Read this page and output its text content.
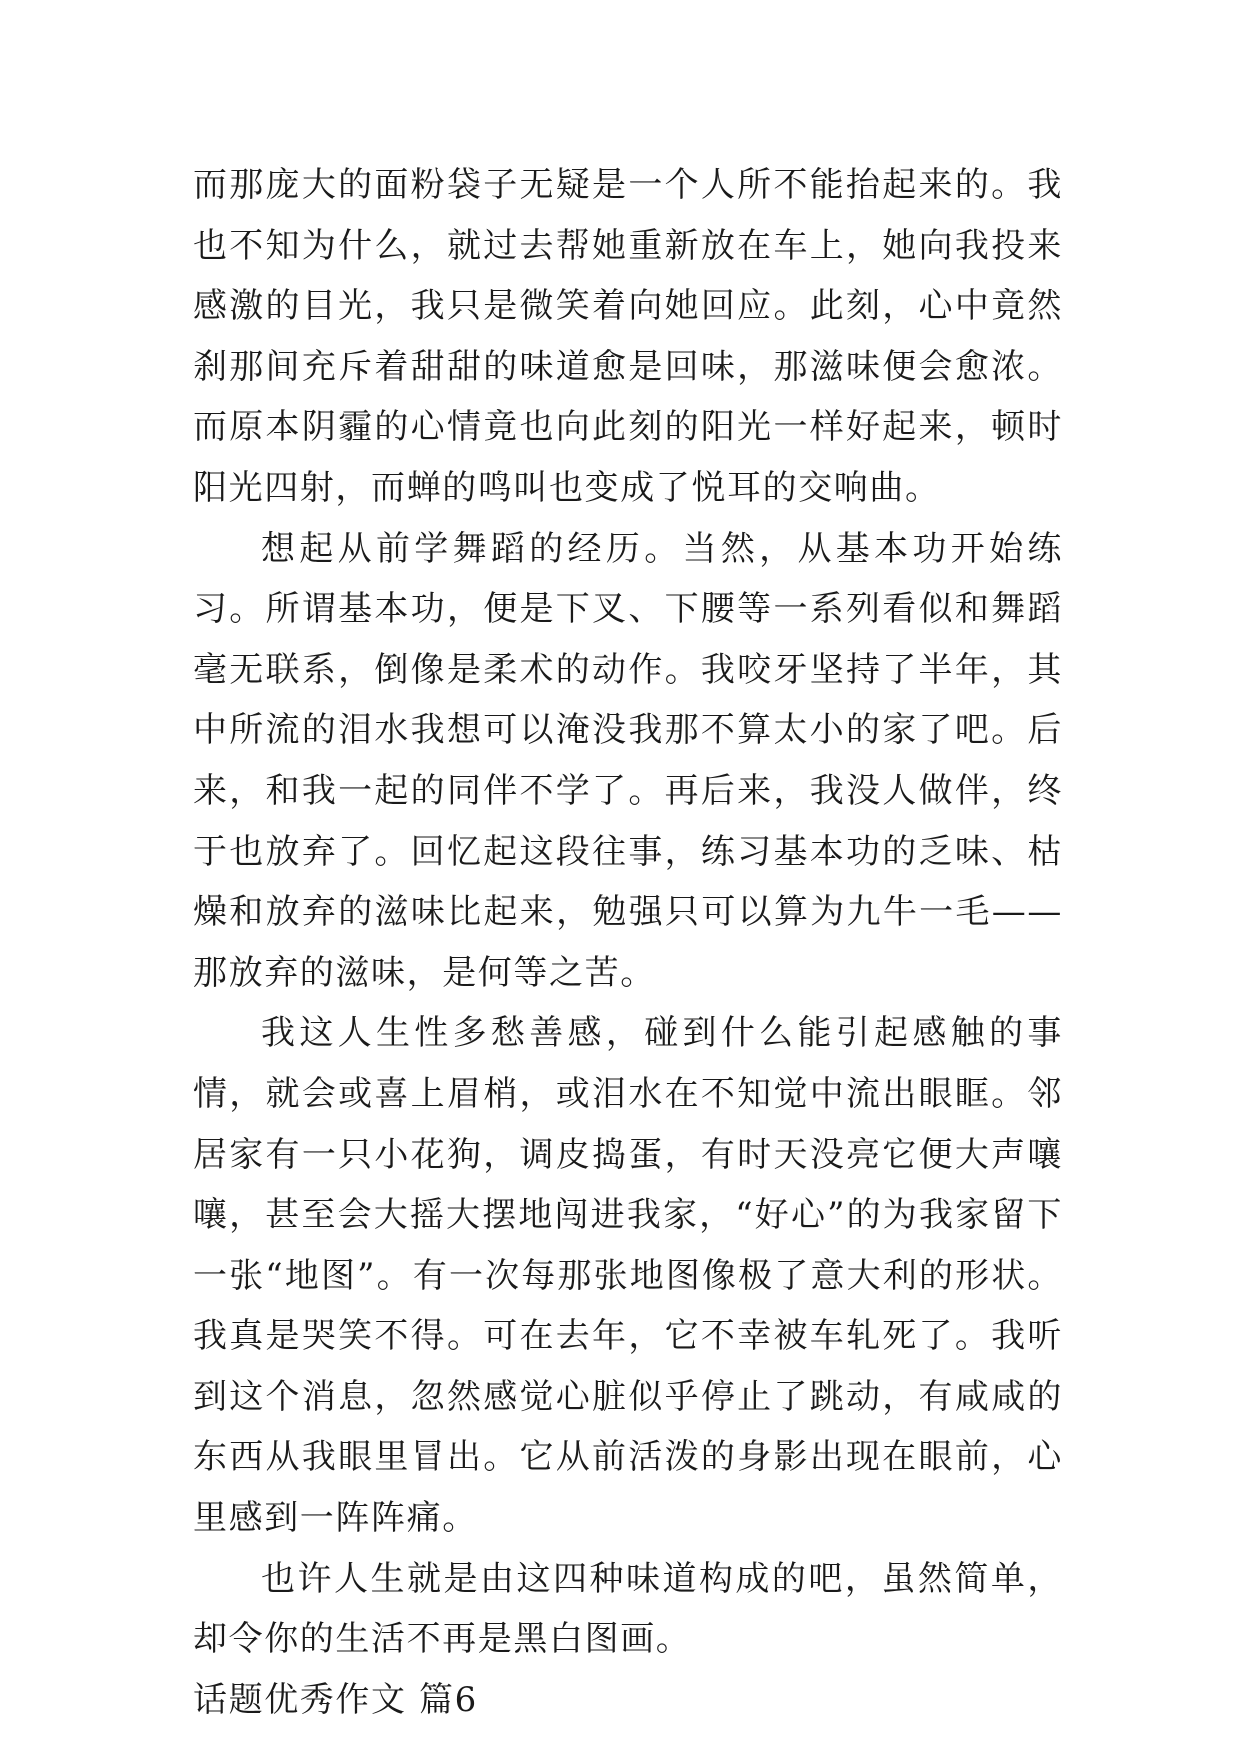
而那庞大的面粉袋子无疑是一个人所不能抬起来的。我也不知为什么，就过去帮她重新放在车上，她向我投来感激的目光，我只是微笑着向她回应。此刻，心中竟然刹那间充斥着甜甜的味道愈是回味，那滋味便会愈浓。而原本阴霾的心情竟也向此刻的阳光一样好起来，顿时阳光四射，而蝉的鸣叫也变成了悦耳的交响曲。

想起从前学舞蹈的经历。当然，从基本功开始练习。所谓基本功，便是下叉、下腰等一系列看似和舞蹈毫无联系，倒像是柔术的动作。我咬牙坚持了半年，其中所流的泪水我想可以淹没我那不算太小的家了吧。后来，和我一起的同伴不学了。再后来，我没人做伴，终于也放弃了。回忆起这段往事，练习基本功的乏味、枯燥和放弃的滋味比起来，勉强只可以算为九牛一毛——那放弃的滋味，是何等之苦。

我这人生性多愁善感，碰到什么能引起感触的事情，就会或喜上眉梢，或泪水在不知觉中流出眼眶。邻居家有一只小花狗，调皮捣蛋，有时天没亮它便大声嚷嚷，甚至会大摇大摆地闯进我家，“好心”的为我家留下一张“地图”。有一次每那张地图像极了意大利的形状。我真是哭笑不得。可在去年，它不幸被车轧死了。我听到这个消息，忽然感觉心脏似乎停止了跳动，有咸咸的东西从我眼里冒出。它从前活泼的身影出现在眼前，心里感到一阵阵痛。

也许人生就是由这四种味道构成的吧，虽然简单，却令你的生活不再是黑白图画。

话题优秀作文 篇6
